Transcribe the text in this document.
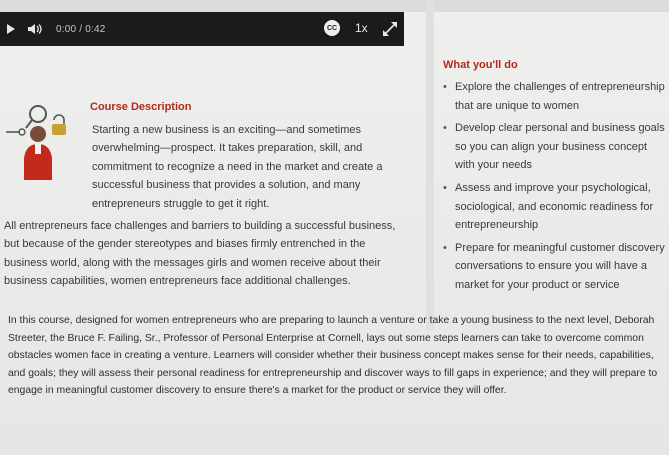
0:00 / 0:42	CC 1x
Course Description
Starting a new business is an exciting—and sometimes overwhelming—prospect. It takes preparation, skill, and commitment to recognize a need in the market and create a successful business that provides a solution, and many entrepreneurs struggle to get it right.
All entrepreneurs face challenges and barriers to building a successful business, but because of the gender stereotypes and biases firmly entrenched in the business world, along with the messages girls and women receive about their business capabilities, women entrepreneurs face additional challenges.
In this course, designed for women entrepreneurs who are preparing to launch a venture or take a young business to the next level, Deborah Streeter, the Bruce F. Failing, Sr., Professor of Personal Enterprise at Cornell, lays out some steps learners can take to overcome common obstacles women face in creating a venture. Learners will consider whether their business concept makes sense for their needs, capabilities, and goals; they will assess their personal readiness for entrepreneurship and discover ways to fill gaps in experience; and they will prepare to engage in meaningful customer discovery to ensure there's a market for the product or service they will offer.
What you'll do
• Explore the challenges of entrepreneurship that are unique to women
• Develop clear personal and business goals so you can align your business concept with your needs
• Assess and improve your psychological, sociological, and economic readiness for entrepreneurship
• Prepare for meaningful customer discovery conversations to ensure you will have a market for your product or service
